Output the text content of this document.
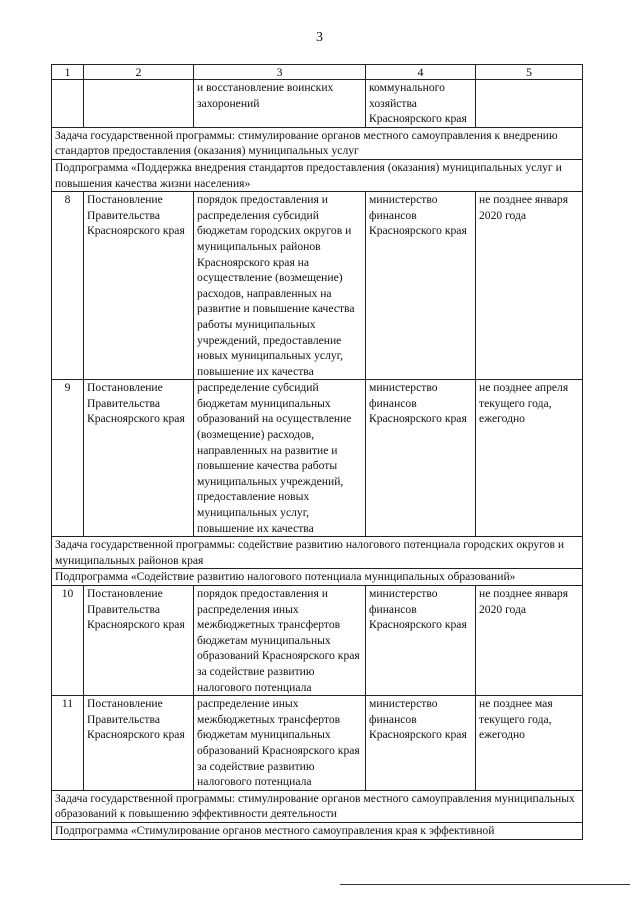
3
1	2	3	4	5
		и восстановление воинских захоронений	коммунального хозяйства Красноярского края	
Задача государственной программы: стимулирование органов местного самоуправления к внедрению стандартов предоставления (оказания) муниципальных услуг				
Подпрограмма «Поддержка внедрения стандартов предоставления (оказания) муниципальных услуг и повышения качества жизни населения»				
8	Постановление Правительства Красноярского края	порядок предоставления и распределения субсидий бюджетам городских округов и муниципальных районов Красноярского края на осуществление (возмещение) расходов, направленных на развитие и повышение качества работы муниципальных учреждений, предоставление новых муниципальных услуг, повышение их качества	министерство финансов Красноярского края	не позднее января 2020 года
9	Постановление Правительства Красноярского края	распределение субсидий бюджетам муниципальных образований на осуществление (возмещение) расходов, направленных на развитие и повышение качества работы муниципальных учреждений, предоставление новых муниципальных услуг, повышение их качества	министерство финансов Красноярского края	не позднее апреля текущего года, ежегодно
Задача государственной программы: содействие развитию налогового потенциала городских округов и муниципальных районов края				
Подпрограмма «Содействие развитию налогового потенциала муниципальных образований»				
10	Постановление Правительства Красноярского края	порядок предоставления и распределения иных межбюджетных трансфертов бюджетам муниципальных образований Красноярского края за содействие развитию налогового потенциала	министерство финансов Красноярского края	не позднее января 2020 года
11	Постановление Правительства Красноярского края	распределение иных межбюджетных трансфертов бюджетам муниципальных образований Красноярского края за содействие развитию налогового потенциала	министерство финансов Красноярского края	не позднее мая текущего года, ежегодно
Задача государственной программы: стимулирование органов местного самоуправления муниципальных образований к повышению эффективности деятельности				
Подпрограмма «Стимулирование органов местного самоуправления края к эффективной				
